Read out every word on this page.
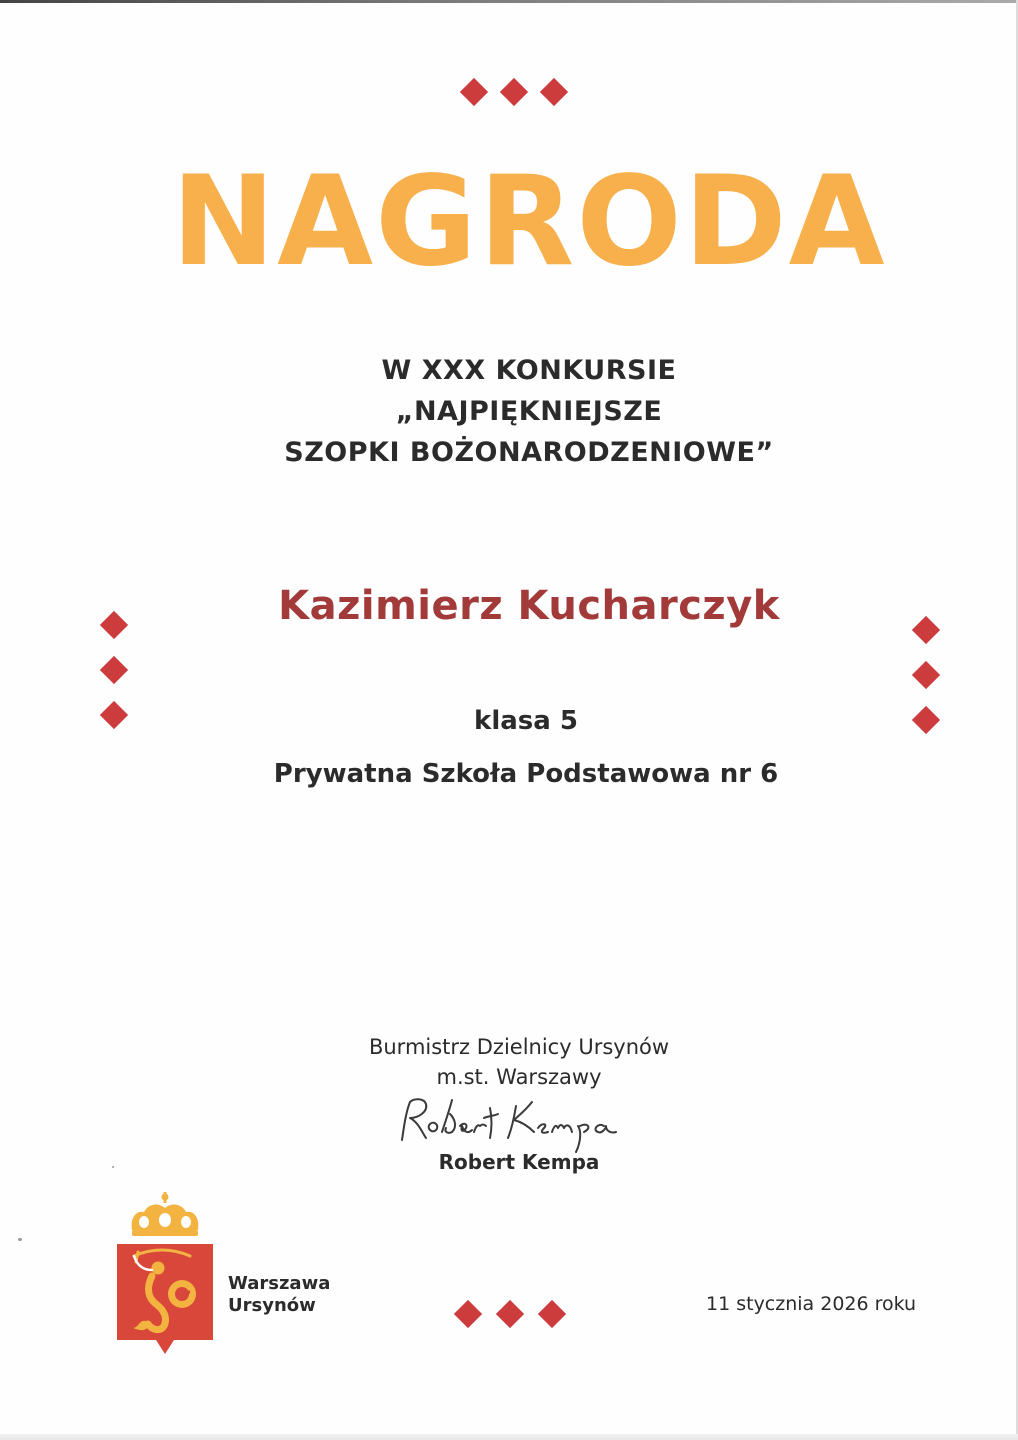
NAGRODA
W XXX KONKURSIE
„NAJPIĘKNIEJSZE
SZOPKI BOŻONARODZENIOWE”
Kazimierz Kucharczyk
klasa 5
Prywatna Szkoła Podstawowa nr 6
Burmistrz Dzielnicy Ursynów
m.st. Warszawy
Robert Kempa
Warszawa
Ursynów	11 stycznia 2026 roku
